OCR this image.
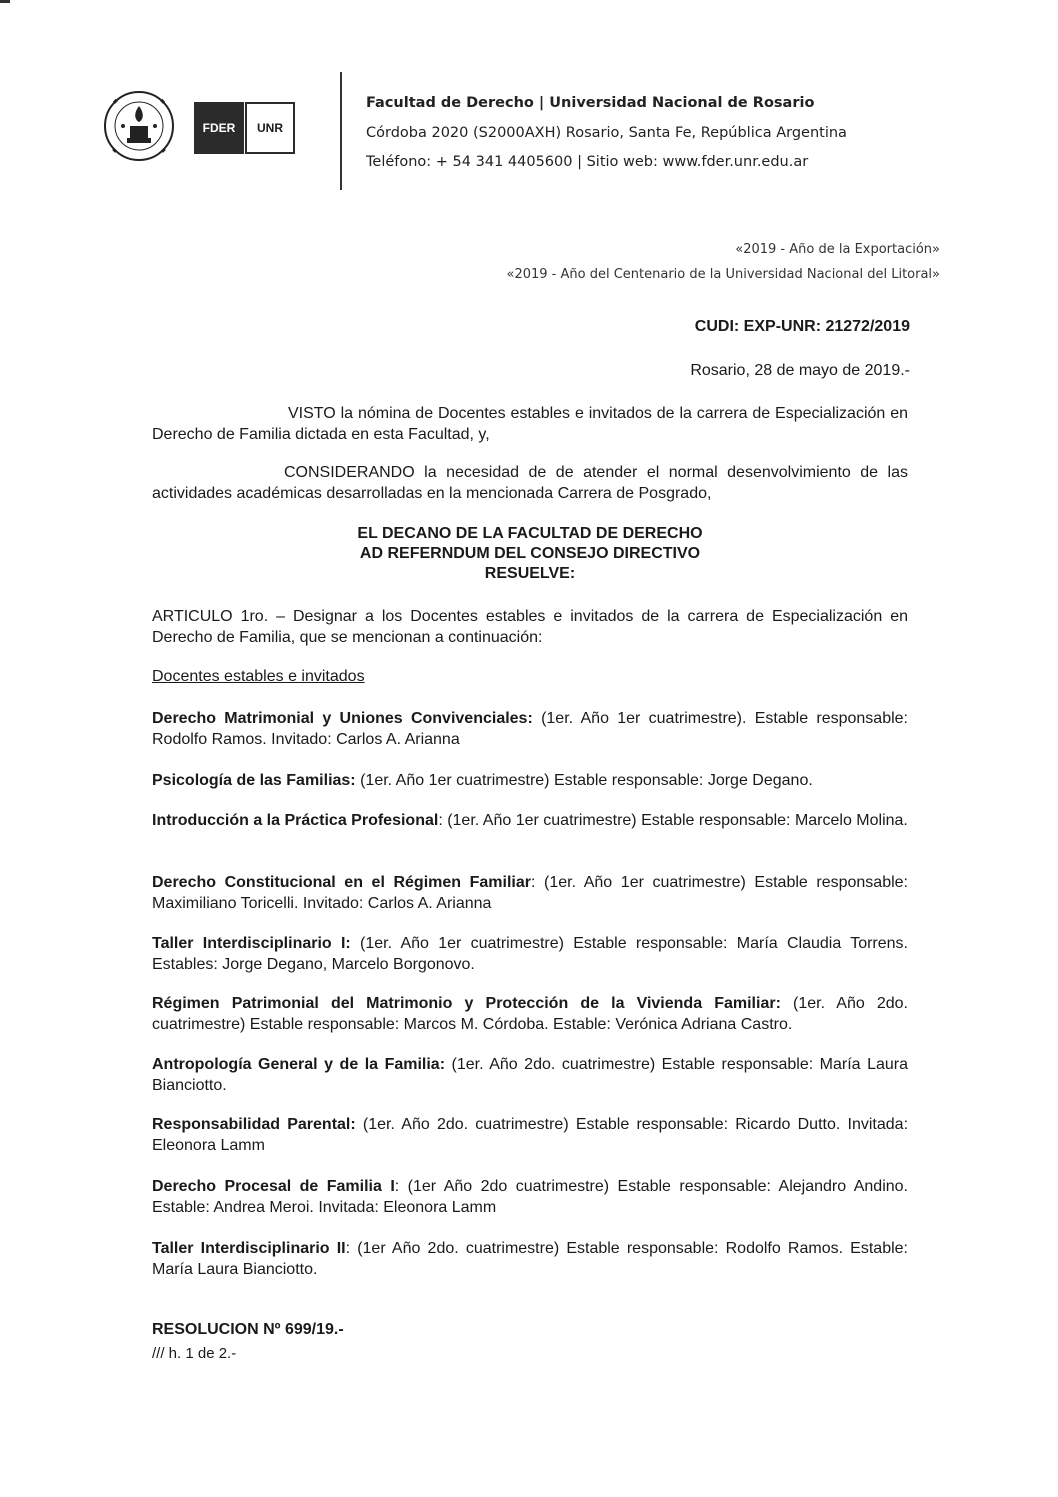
FDER	UNR
Facultad de Derecho | Universidad Nacional de Rosario
Córdoba 2020 (S2000AXH) Rosario, Santa Fe, República Argentina
Teléfono: + 54 341 4405600 | Sitio web: www.fder.unr.edu.ar
«2019 - Año de la Exportación»
«2019 - Año del Centenario de la Universidad Nacional del Litoral»
CUDI: EXP-UNR: 21272/2019
Rosario, 28 de mayo de 2019.-
VISTO la nómina de Docentes estables e invitados de la carrera de Especialización en Derecho de Familia dictada en esta Facultad, y,
CONSIDERANDO la necesidad de de atender el normal desenvolvimiento de las actividades académicas desarrolladas en la mencionada Carrera de Posgrado,
EL DECANO DE LA FACULTAD DE DERECHO
AD REFERNDUM DEL CONSEJO DIRECTIVO
RESUELVE:
ARTICULO 1ro. – Designar a los Docentes estables e invitados de la carrera de Especialización en Derecho de Familia, que se mencionan a continuación:
Docentes estables e invitados
Derecho Matrimonial y Uniones Convivenciales: (1er. Año 1er cuatrimestre). Estable responsable: Rodolfo Ramos. Invitado: Carlos A. Arianna
Psicología de las Familias: (1er. Año 1er cuatrimestre) Estable responsable: Jorge Degano.
Introducción a la Práctica Profesional: (1er. Año 1er cuatrimestre) Estable responsable: Marcelo Molina.
Derecho Constitucional en el Régimen Familiar: (1er. Año 1er cuatrimestre) Estable responsable: Maximiliano Toricelli. Invitado: Carlos A. Arianna
Taller Interdisciplinario I: (1er. Año 1er cuatrimestre) Estable responsable: María Claudia Torrens. Estables: Jorge Degano, Marcelo Borgonovo.
Régimen Patrimonial del Matrimonio y Protección de la Vivienda Familiar: (1er. Año 2do. cuatrimestre) Estable responsable: Marcos M. Córdoba. Estable: Verónica Adriana Castro.
Antropología General y de la Familia: (1er. Año 2do. cuatrimestre) Estable responsable: María Laura Bianciotto.
Responsabilidad Parental: (1er. Año 2do. cuatrimestre) Estable responsable: Ricardo Dutto. Invitada: Eleonora Lamm
Derecho Procesal de Familia I: (1er Año 2do cuatrimestre) Estable responsable: Alejandro Andino. Estable: Andrea Meroi. Invitada: Eleonora Lamm
Taller Interdisciplinario II: (1er Año 2do. cuatrimestre) Estable responsable: Rodolfo Ramos. Estable: María Laura Bianciotto.
RESOLUCION Nº 699/19.-
/// h. 1 de 2.-
